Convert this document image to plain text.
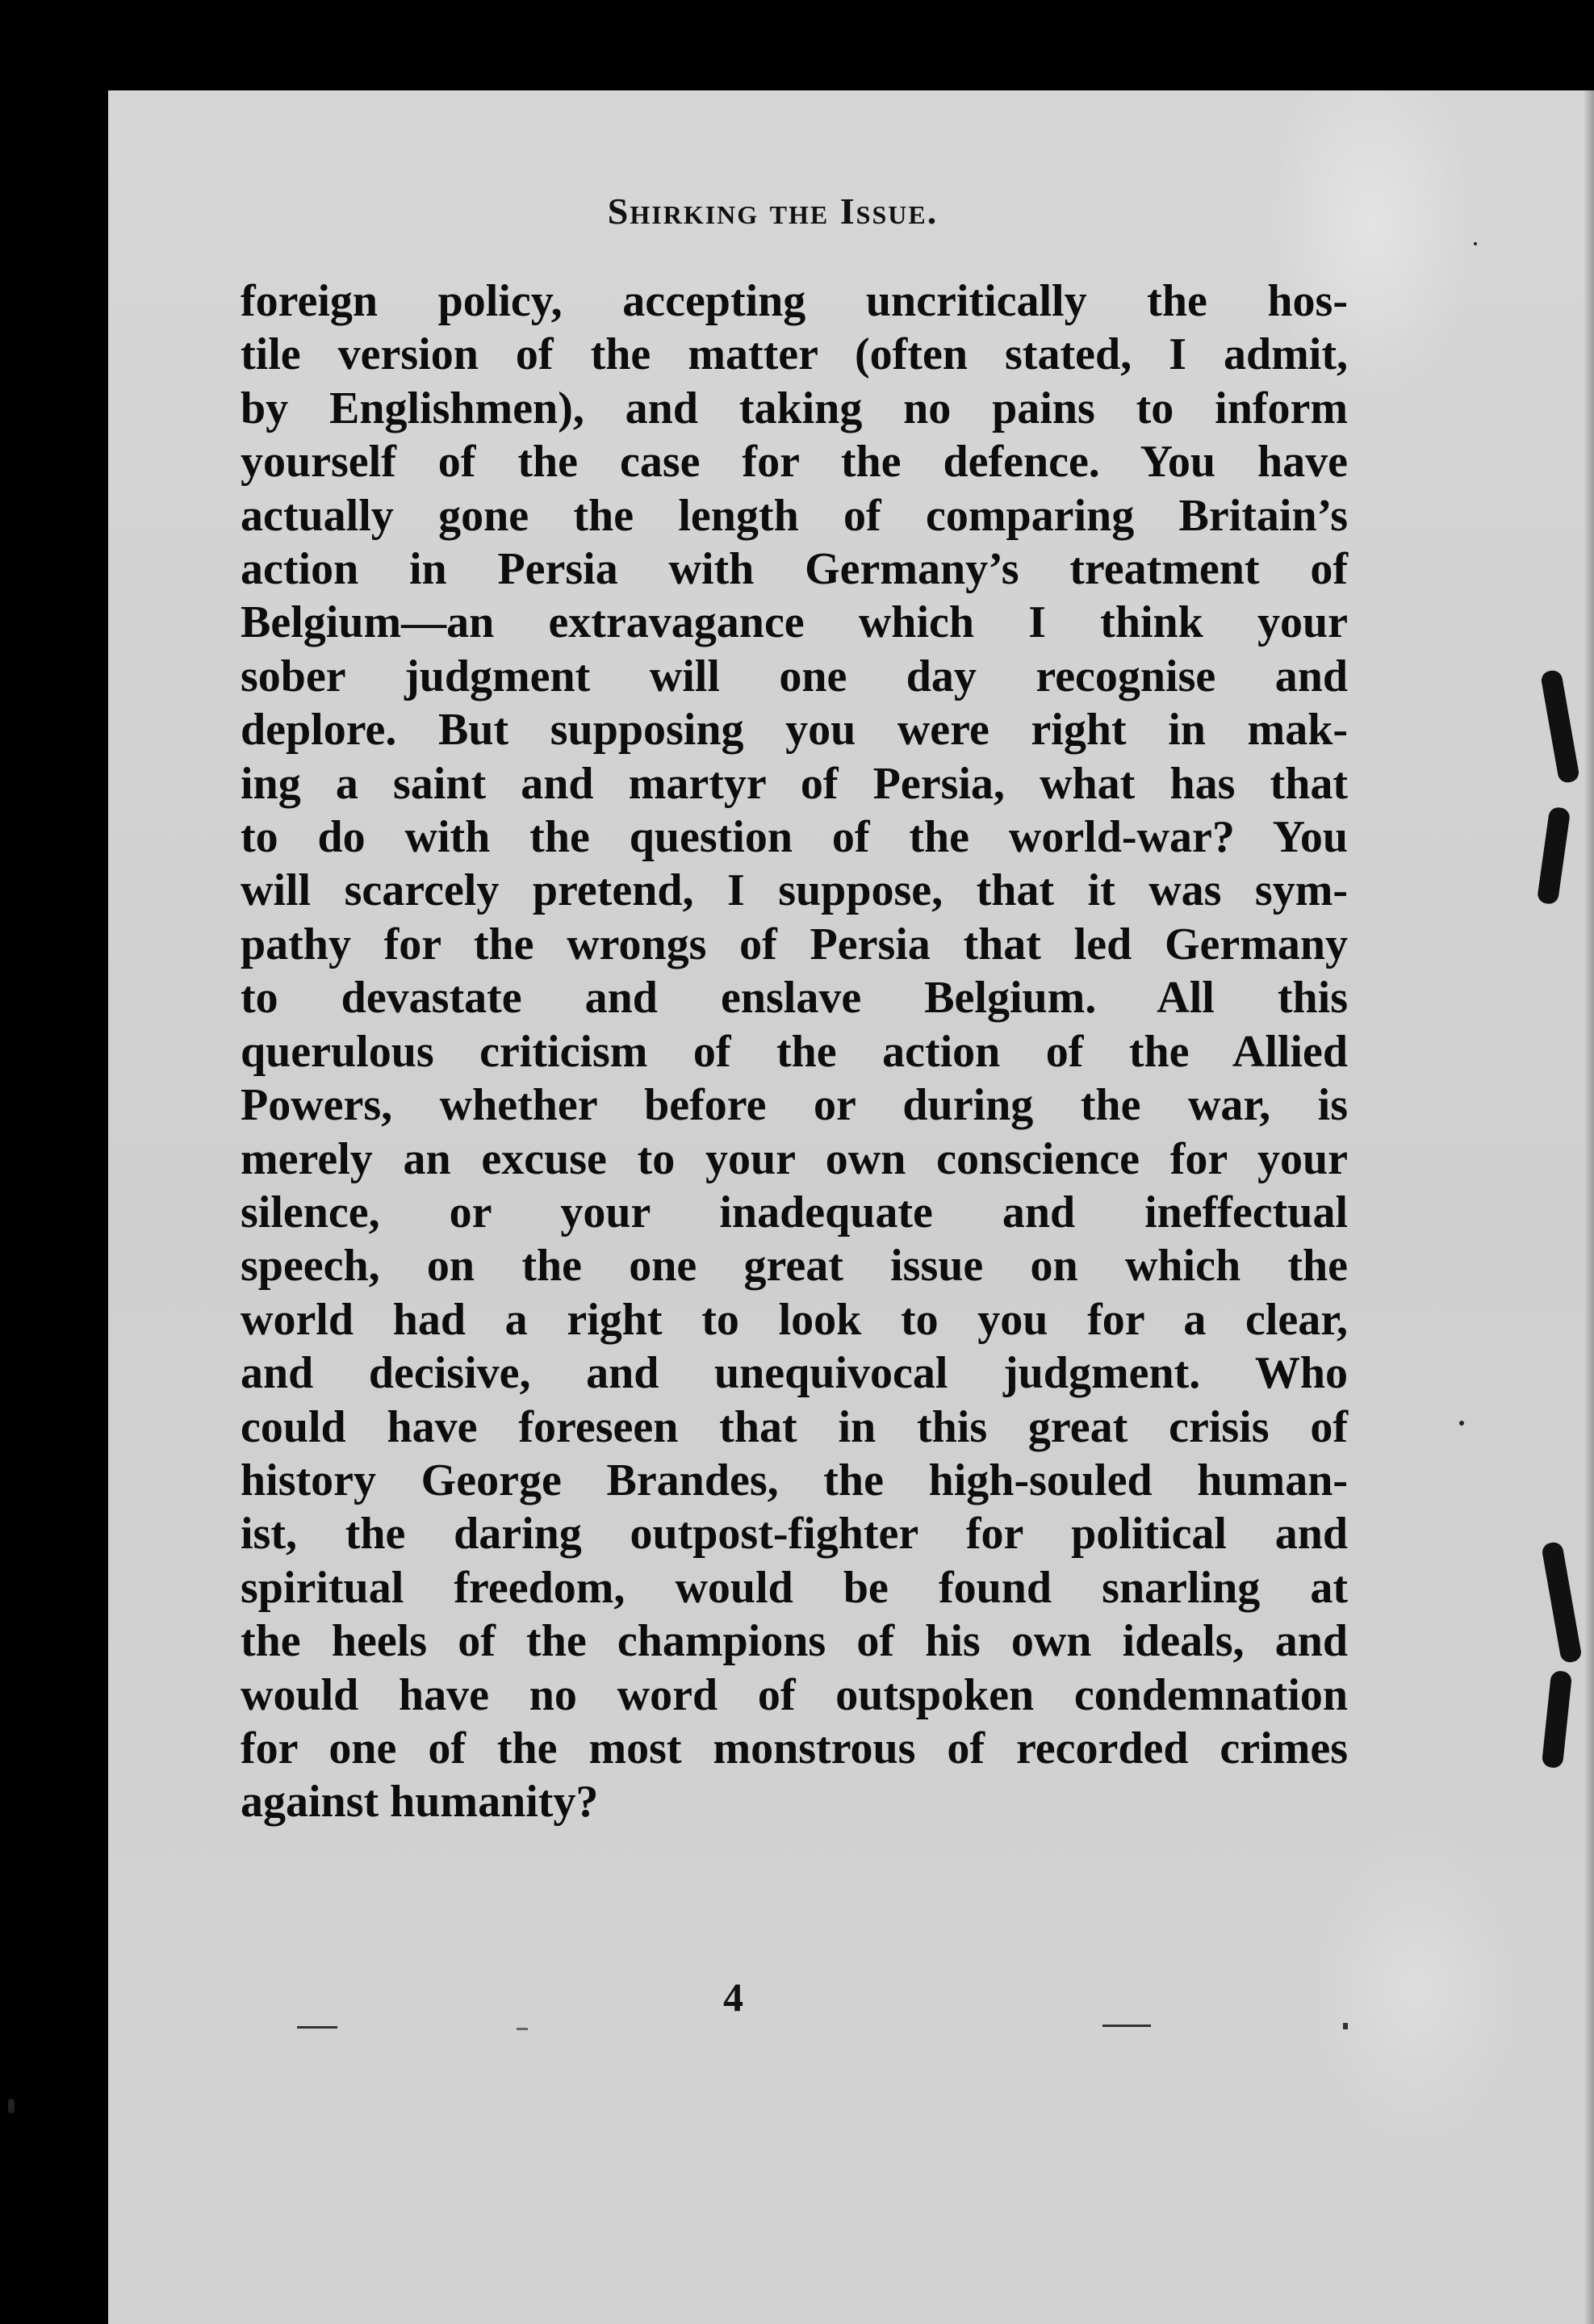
Shirking the Issue.
foreign policy, accepting uncritically the hos-
tile version of the matter (often stated, I admit,
by Englishmen), and taking no pains to inform
yourself of the case for the defence. You have
actually gone the length of comparing Britain’s
action in Persia with Germany’s treatment of
Belgium—an extravagance which I think your
sober judgment will one day recognise and
deplore. But supposing you were right in mak-
ing a saint and martyr of Persia, what has that
to do with the question of the world-war? You
will scarcely pretend, I suppose, that it was sym-
pathy for the wrongs of Persia that led Germany
to devastate and enslave Belgium. All this
querulous criticism of the action of the Allied
Powers, whether before or during the war, is
merely an excuse to your own conscience for your
silence, or your inadequate and ineffectual
speech, on the one great issue on which the
world had a right to look to you for a clear,
and decisive, and unequivocal judgment. Who
could have foreseen that in this great crisis of
history George Brandes, the high-souled human-
ist, the daring outpost-fighter for political and
spiritual freedom, would be found snarling at
the heels of the champions of his own ideals, and
would have no word of outspoken condemnation
for one of the most monstrous of recorded crimes
against humanity?
4
